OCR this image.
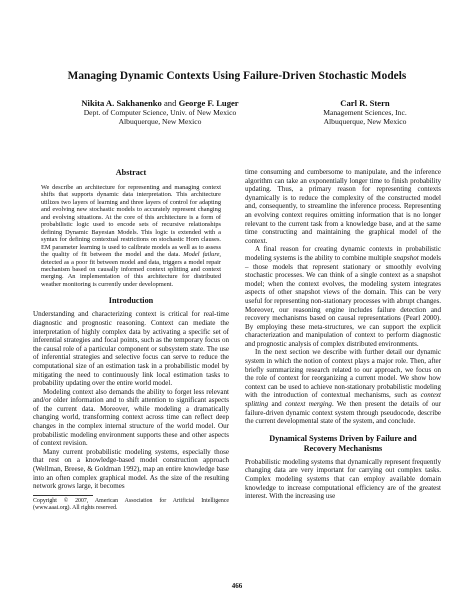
Managing Dynamic Contexts Using Failure-Driven Stochastic Models
Nikita A. Sakhanenko and George F. Luger
Dept. of Computer Science, Univ. of New Mexico
Albuquerque, New Mexico
Carl R. Stern
Management Sciences, Inc.
Albuquerque, New Mexico
Abstract

We describe an architecture for representing and managing context shifts that supports dynamic data interpretation. This architecture utilizes two layers of learning and three layers of control for adapting and evolving new stochastic models to accurately represent changing and evolving situations. At the core of this architecture is a form of probabilistic logic used to encode sets of recursive relationships defining Dynamic Bayesian Models. This logic is extended with a syntax for defining contextual restrictions on stochastic Horn clauses. EM parameter learning is used to calibrate models as well as to assess the quality of fit between the model and the data. Model failure, detected as a poor fit between model and data, triggers a model repair mechanism based on causally informed context splitting and context merging. An implementation of this architecture for distributed weather monitoring is currently under development.

Introduction

Understanding and characterizing context is critical for real-time diagnostic and prognostic reasoning. Context can mediate the interpretation of highly complex data by activating a specific set of inferential strategies and focal points, such as the temporary focus on the causal role of a particular component or subsystem state. The use of inferential strategies and selective focus can serve to reduce the computational size of an estimation task in a probabilistic model by mitigating the need to continuously link local estimation tasks to probability updating over the entire world model.

Modeling context also demands the ability to forget less relevant and/or older information and to shift attention to significant aspects of the current data. Moreover, while modeling a dramatically changing world, transforming context across time can reflect deep changes in the complex internal structure of the world model. Our probabilistic modeling environment supports these and other aspects of context revision.

Many current probabilistic modeling systems, especially those that rest on a knowledge-based model construction approach (Wellman, Breese, & Goldman 1992), map an entire knowledge base into an often complex graphical model. As the size of the resulting network grows large, it becomes

Copyright © 2007, American Association for Artificial Intelligence (www.aaai.org). All rights reserved.

time consuming and cumbersome to manipulate, and the inference algorithm can take an exponentially longer time to finish probability updating. Thus, a primary reason for representing contexts dynamically is to reduce the complexity of the constructed model and, consequently, to streamline the inference process. Representing an evolving context requires omitting information that is no longer relevant to the current task from a knowledge base, and at the same time constructing and maintaining the graphical model of the context.

A final reason for creating dynamic contexts in probabilistic modeling systems is the ability to combine multiple snapshot models – those models that represent stationary or smoothly evolving stochastic processes. We can think of a single context as a snapshot model; when the context evolves, the modeling system integrates aspects of other snapshot views of the domain. This can be very useful for representing non-stationary processes with abrupt changes. Moreover, our reasoning engine includes failure detection and recovery mechanisms based on causal representations (Pearl 2000). By employing these meta-structures, we can support the explicit characterization and manipulation of context to perform diagnostic and prognostic analysis of complex distributed environments.

In the next section we describe with further detail our dynamic system in which the notion of context plays a major role. Then, after briefly summarizing research related to our approach, we focus on the role of context for reorganizing a current model. We show how context can be used to achieve non-stationary probabilistic modeling with the introduction of contextual mechanisms, such as context splitting and context merging. We then present the details of our failure-driven dynamic context system through pseudocode, describe the current developmental state of the system, and conclude.

Dynamical Systems Driven by Failure and
Recovery Mechanisms

Probabilistic modeling systems that dynamically represent frequently changing data are very important for carrying out complex tasks. Complex modeling systems that can employ available domain knowledge to increase computational efficiency are of the greatest interest. With the increasing use

466
